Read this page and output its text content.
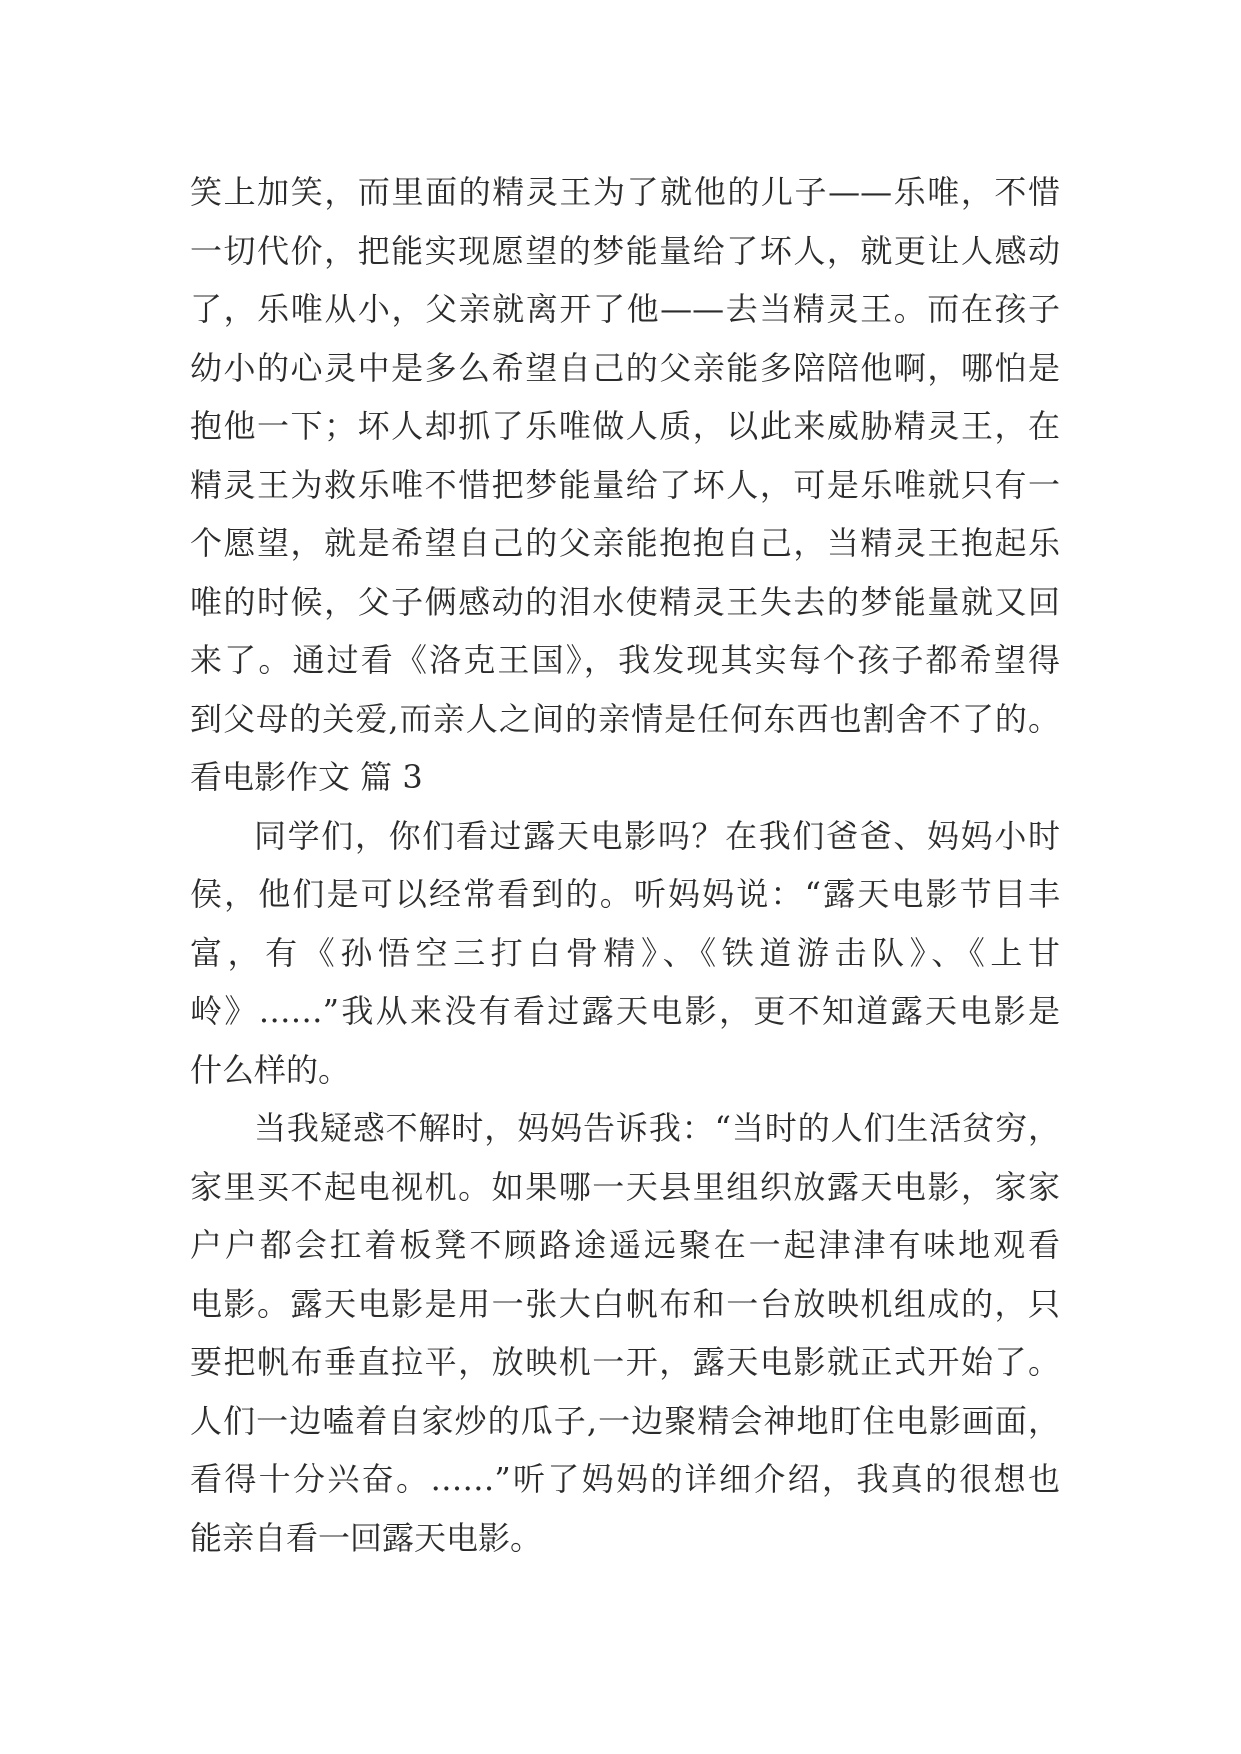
笑上加笑，而里面的精灵王为了就他的儿子——乐唯，不惜
一切代价，把能实现愿望的梦能量给了坏人，就更让人感动
了，乐唯从小，父亲就离开了他——去当精灵王。而在孩子
幼小的心灵中是多么希望自己的父亲能多陪陪他啊，哪怕是
抱他一下；坏人却抓了乐唯做人质，以此来威胁精灵王，在
精灵王为救乐唯不惜把梦能量给了坏人，可是乐唯就只有一
个愿望，就是希望自己的父亲能抱抱自己，当精灵王抱起乐
唯的时候，父子俩感动的泪水使精灵王失去的梦能量就又回
来了。通过看《洛克王国》，我发现其实每个孩子都希望得
到父母的关爱,而亲人之间的亲情是任何东西也割舍不了的。
看电影作文 篇 3
同学们，你们看过露天电影吗？在我们爸爸、妈妈小时
侯，他们是可以经常看到的。听妈妈说：“露天电影节目丰
富，有《孙悟空三打白骨精》、《铁道游击队》、《上甘
岭》……”我从来没有看过露天电影，更不知道露天电影是
什么样的。
当我疑惑不解时，妈妈告诉我：“当时的人们生活贫穷，
家里买不起电视机。如果哪一天县里组织放露天电影，家家
户户都会扛着板凳不顾路途遥远聚在一起津津有味地观看
电影。露天电影是用一张大白帆布和一台放映机组成的，只
要把帆布垂直拉平，放映机一开，露天电影就正式开始了。
人们一边嗑着自家炒的瓜子,一边聚精会神地盯住电影画面，
看得十分兴奋。……”听了妈妈的详细介绍，我真的很想也
能亲自看一回露天电影。
